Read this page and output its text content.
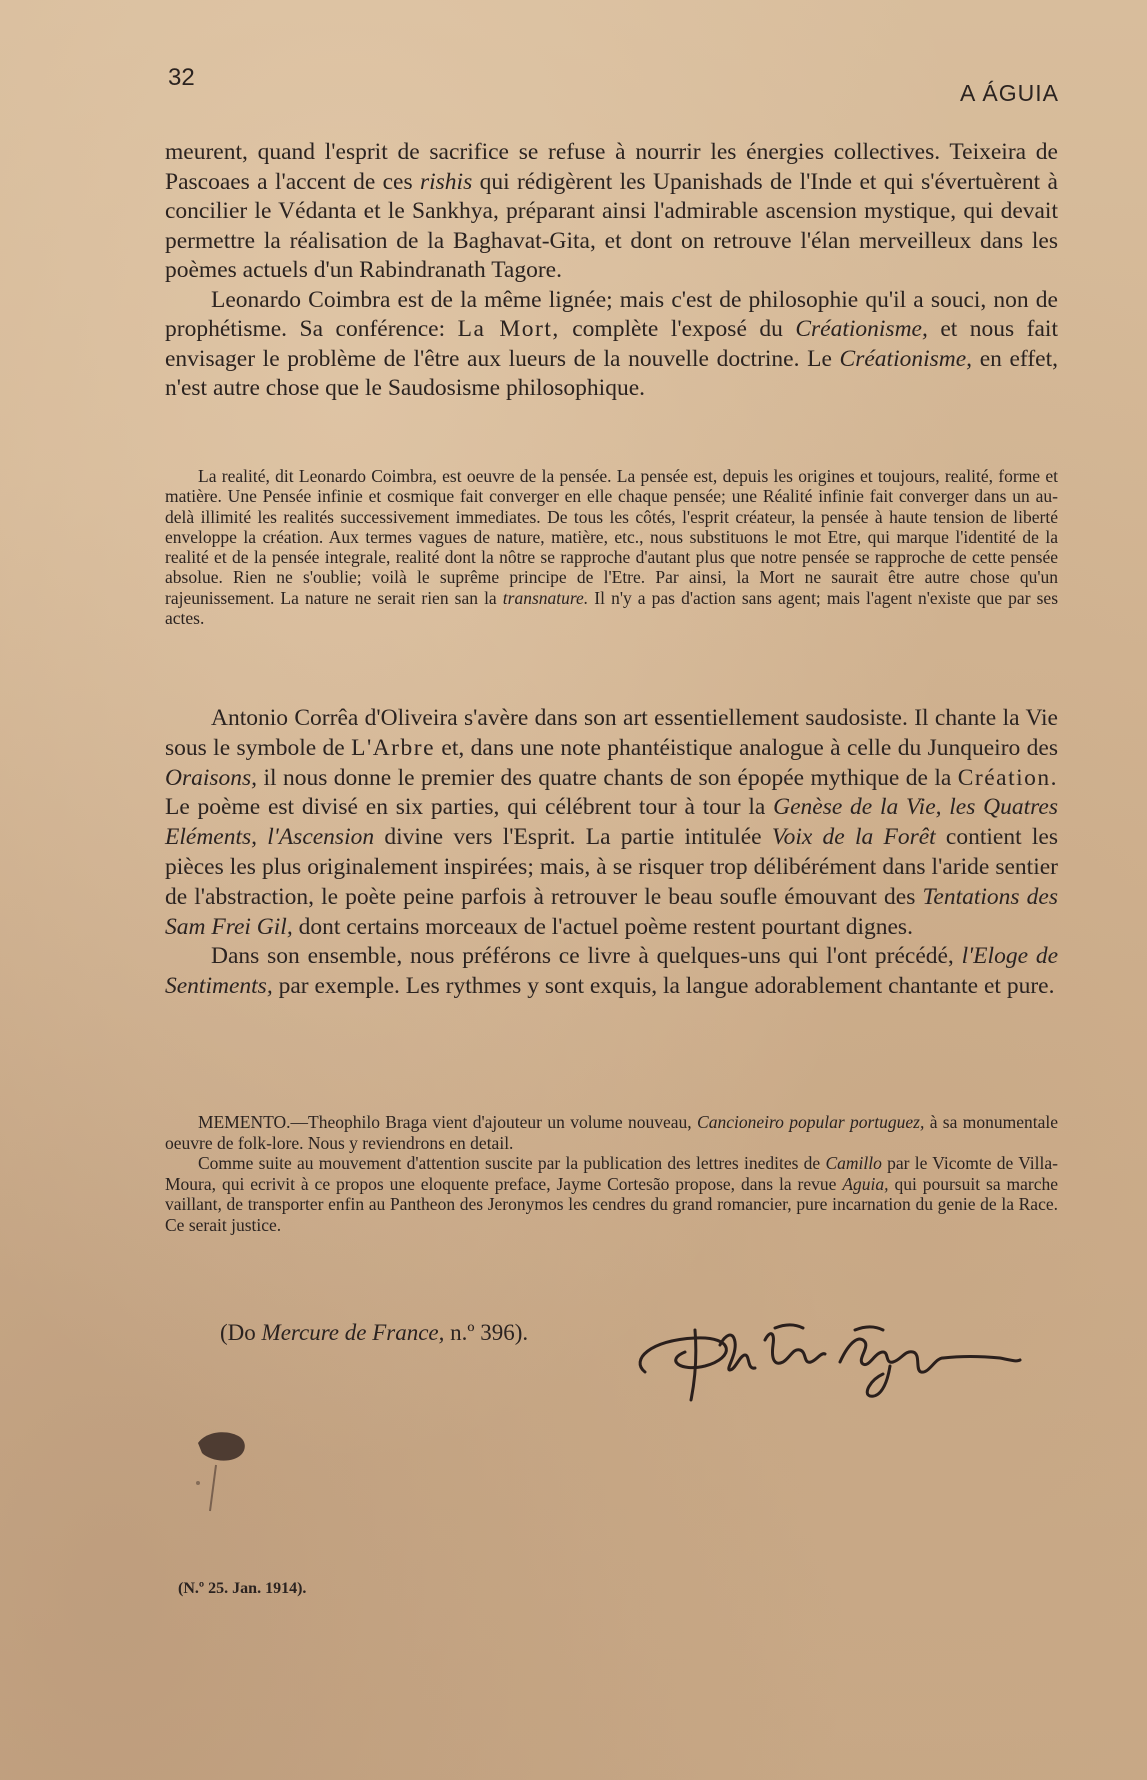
32
A ÁGUIA

meurent, quand l'esprit de sacrifice se refuse à nourrir les énergies collectives. Teixeira de Pascoaes a l'accent de ces rishis qui rédigèrent les Upanishads de l'Inde et qui s'évertuèrent à concilier le Védanta et le Sankhya, préparant ainsi l'admirable ascension mystique, qui devait permettre la réalisation de la Baghavat-Gita, et dont on retrouve l'élan merveilleux dans les poèmes actuels d'un Rabindranath Tagore.

Leonardo Coimbra est de la même lignée; mais c'est de philosophie qu'il a souci, non de prophétisme. Sa conférence: La Mort, complète l'exposé du Créationisme, et nous fait envisager le problème de l'être aux lueurs de la nouvelle doctrine. Le Créationisme, en effet, n'est autre chose que le Saudosisme philosophique.

La realité, dit Leonardo Coimbra, est oeuvre de la pensée. La pensée est, depuis les origines et toujours, realité, forme et matière. Une Pensée infinie et cosmique fait converger en elle chaque pensée; une Réalité infinie fait converger dans un au-delà illimité les realités successivement immediates. De tous les côtés, l'esprit créateur, la pensée à haute tension de liberté enveloppe la création. Aux termes vagues de nature, matière, etc., nous substituons le mot Etre, qui marque l'identité de la realité et de la pensée integrale, realité dont la nôtre se rapproche d'autant plus que notre pensée se rapproche de cette pensée absolue. Rien ne s'oublie; voilà le suprême principe de l'Etre. Par ainsi, la Mort ne saurait être autre chose qu'un rajeunissement. La nature ne serait rien san la transnature. Il n'y a pas d'action sans agent; mais l'agent n'existe que par ses actes.

Antonio Corrêa d'Oliveira s'avère dans son art essentiellement saudosiste. Il chante la Vie sous le symbole de L'Arbre et, dans une note phantéistique analogue à celle du Junqueiro des Oraisons, il nous donne le premier des quatre chants de son épopée mythique de la Création. Le poème est divisé en six parties, qui célébrent tour à tour la Genèse de la Vie, les Quatres Eléments, l'Ascension divine vers l'Esprit. La partie intitulée Voix de la Forêt contient les pièces les plus originalement inspirées; mais, à se risquer trop délibérément dans l'aride sentier de l'abstraction, le poète peine parfois à retrouver le beau soufle émouvant des Tentations des Sam Frei Gil, dont certains morceaux de l'actuel poème restent pourtant dignes.

Dans son ensemble, nous préférons ce livre à quelques-uns qui l'ont précédé, l'Eloge de Sentiments, par exemple. Les rythmes y sont exquis, la langue adorablement chantante et pure.

MEMENTO.—Theophilo Braga vient d'ajouteur un volume nouveau, Cancioneiro popular portuguez, à sa monumentale oeuvre de folk-lore. Nous y reviendrons en detail.

Comme suite au mouvement d'attention suscite par la publication des lettres inedites de Camillo par le Vicomte de Villa-Moura, qui ecrivit à ce propos une eloquente preface, Jayme Cortesão propose, dans la revue Aguia, qui poursuit sa marche vaillant, de transporter enfin au Pantheon des Jeronymos les cendres du grand romancier, pure incarnation du genie de la Race. Ce serait justice.

(Do Mercure de France, n.º 396).
(N.º 25. Jan. 1914).
